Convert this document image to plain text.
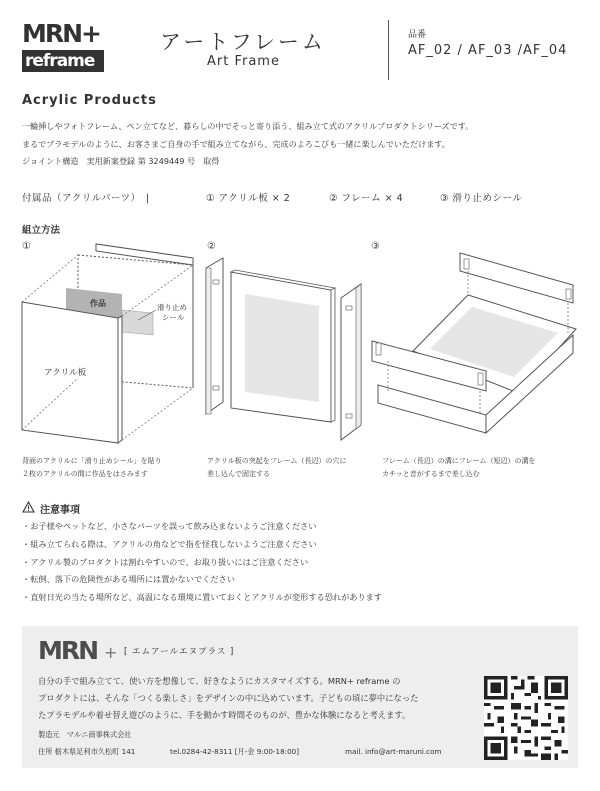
MRN+
reframe
アートフレーム
Art Frame
品番
AF_02 / AF_03 /AF_04
Acrylic Products
一輪挿しやフォトフレーム、ペン立てなど、暮らしの中でそっと寄り添う、組み立て式のアクリルプロダクトシリーズです。
まるでプラモデルのように、お客さまご自身の手で組み立てながら、完成のよろこびも一緒に楽しんでいただけます。
ジョイント構造　実用新案登録 第 3249449 号　取得
付属品（アクリルパーツ）　|	① アクリル板 × 2	② フレーム × 4	③ 滑り止めシール
組立方法
①
作品	滑り止め
シール
アクリル板
背面のアクリルに「滑り止めシール」を貼り
２枚のアクリルの間に作品をはさみます
②
アクリル板の突起をフレーム（長辺）の穴に
差し込んで固定する
③
フレーム（長辺）の溝にフレーム（短辺）の溝を
カチッと音がするまで差し込む
注意事項
・お子様やペットなど、小さなパーツを誤って飲み込まないようご注意ください
・組み立てられる際は、アクリルの角などで指を怪我しないようご注意ください
・アクリル製のプロダクトは割れやすいので、お取り扱いにはご注意ください
・転倒、落下の危険性がある場所には置かないでください
・直射日光の当たる場所など、高温になる環境に置いておくとアクリルが変形する恐れがあります
MRN + [ エムアールエヌプラス ]
自分の手で組み立てて、使い方を想像して、好きなようにカスタマイズする。MRN+ reframe の
プロダクトには、そんな「つくる楽しさ」をデザインの中に込めています。子どもの頃に夢中になった
たプラモデルや着せ替え遊びのように、手を動かす時間そのものが、豊かな体験になると考えます。
製造元　マルニ商事株式会社
住所 栃木県足利市久松町 141	tel.0284-42-8311 [月-金 9:00-18:00]	mail. info@art-maruni.com
